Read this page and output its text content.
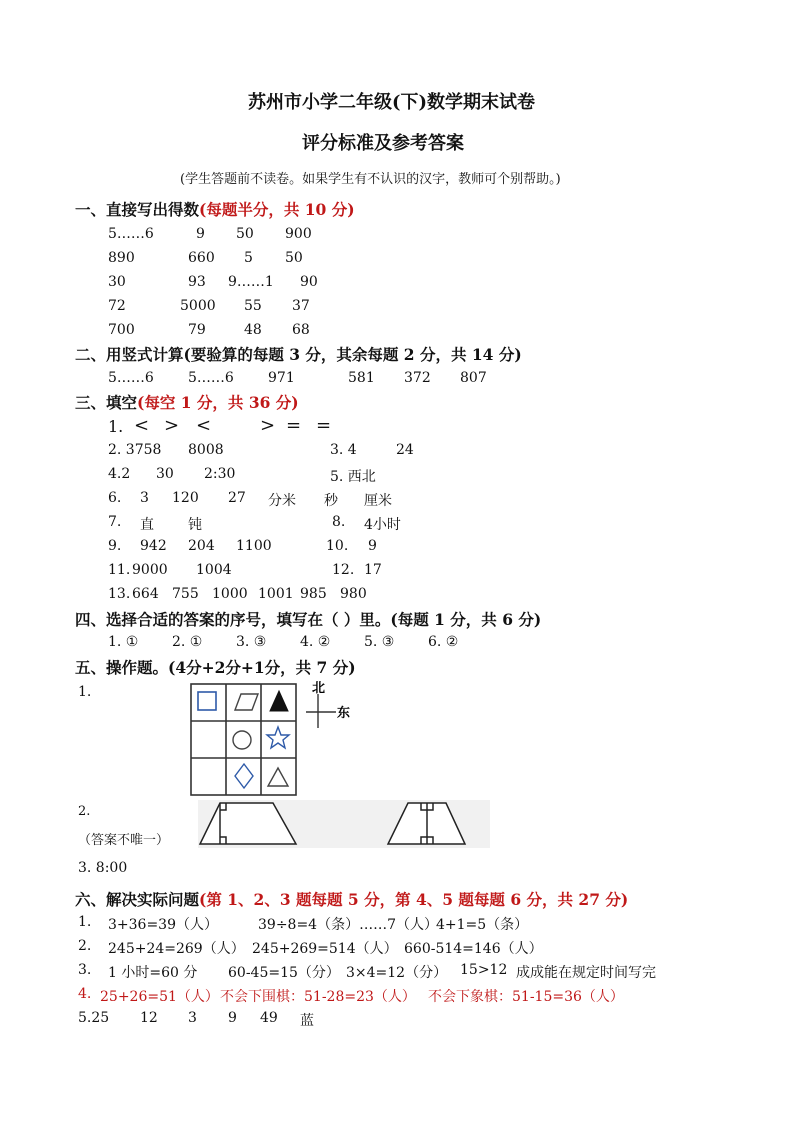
苏州市小学二年级(下)数学期末试卷
评分标准及参考答案
(学生答题前不读卷。如果学生有不认识的汉字，教师可个别帮助。)
一、直接写出得数(每题半分，共 10 分)
5……6	9 50 900
890	660 5 50
30	93 9……1 90
72	5000 55 37
700	79	48 68
二、用竖式计算(要验算的每题 3 分，其余每题 2 分，共 14 分)
5……6 5……6 971	581 372 807
三、填空(每空 1 分，共 36 分)
1. < > <	> = =
2. 3758 8008	3. 4	24
4.2 30 2:30	5. 西北
6. 3 120 27 分米 秒 厘米
7. 直 钝	8. 4小时
9. 942 204 1100	10. 9
11. 9000 1004	12. 17
13. 664 755 1000 1001 985 980
四、选择合适的答案的序号，填写在（ ）里。(每题 1 分，共 6 分)
1. ① 2. ① 3. ③ 4. ② 5. ③ 6. ②
五、操作题。(4分+2分+1分，共 7 分)
1.	北
东
2.
（答案不唯一）
3. 8:00
六、解决实际问题(第 1、2、3 题每题 5 分，第 4、5 题每题 6 分，共 27 分)
1. 3+36=39（人）	39÷8=4（条）……7（人）
4+1=5（条）
2. 245+24=269（人） 245+269=514（人） 660-514=146（人）
3. 1 小时=60 分 60-45=15（分） 3×4=12（分） 15>12 成成能在规定时间写完
4. 25+26=51（人） 不会下围棋：51-28=23（人） 不会下象棋：51-15=36（人）
5.25 12 3 9 49 蓝
